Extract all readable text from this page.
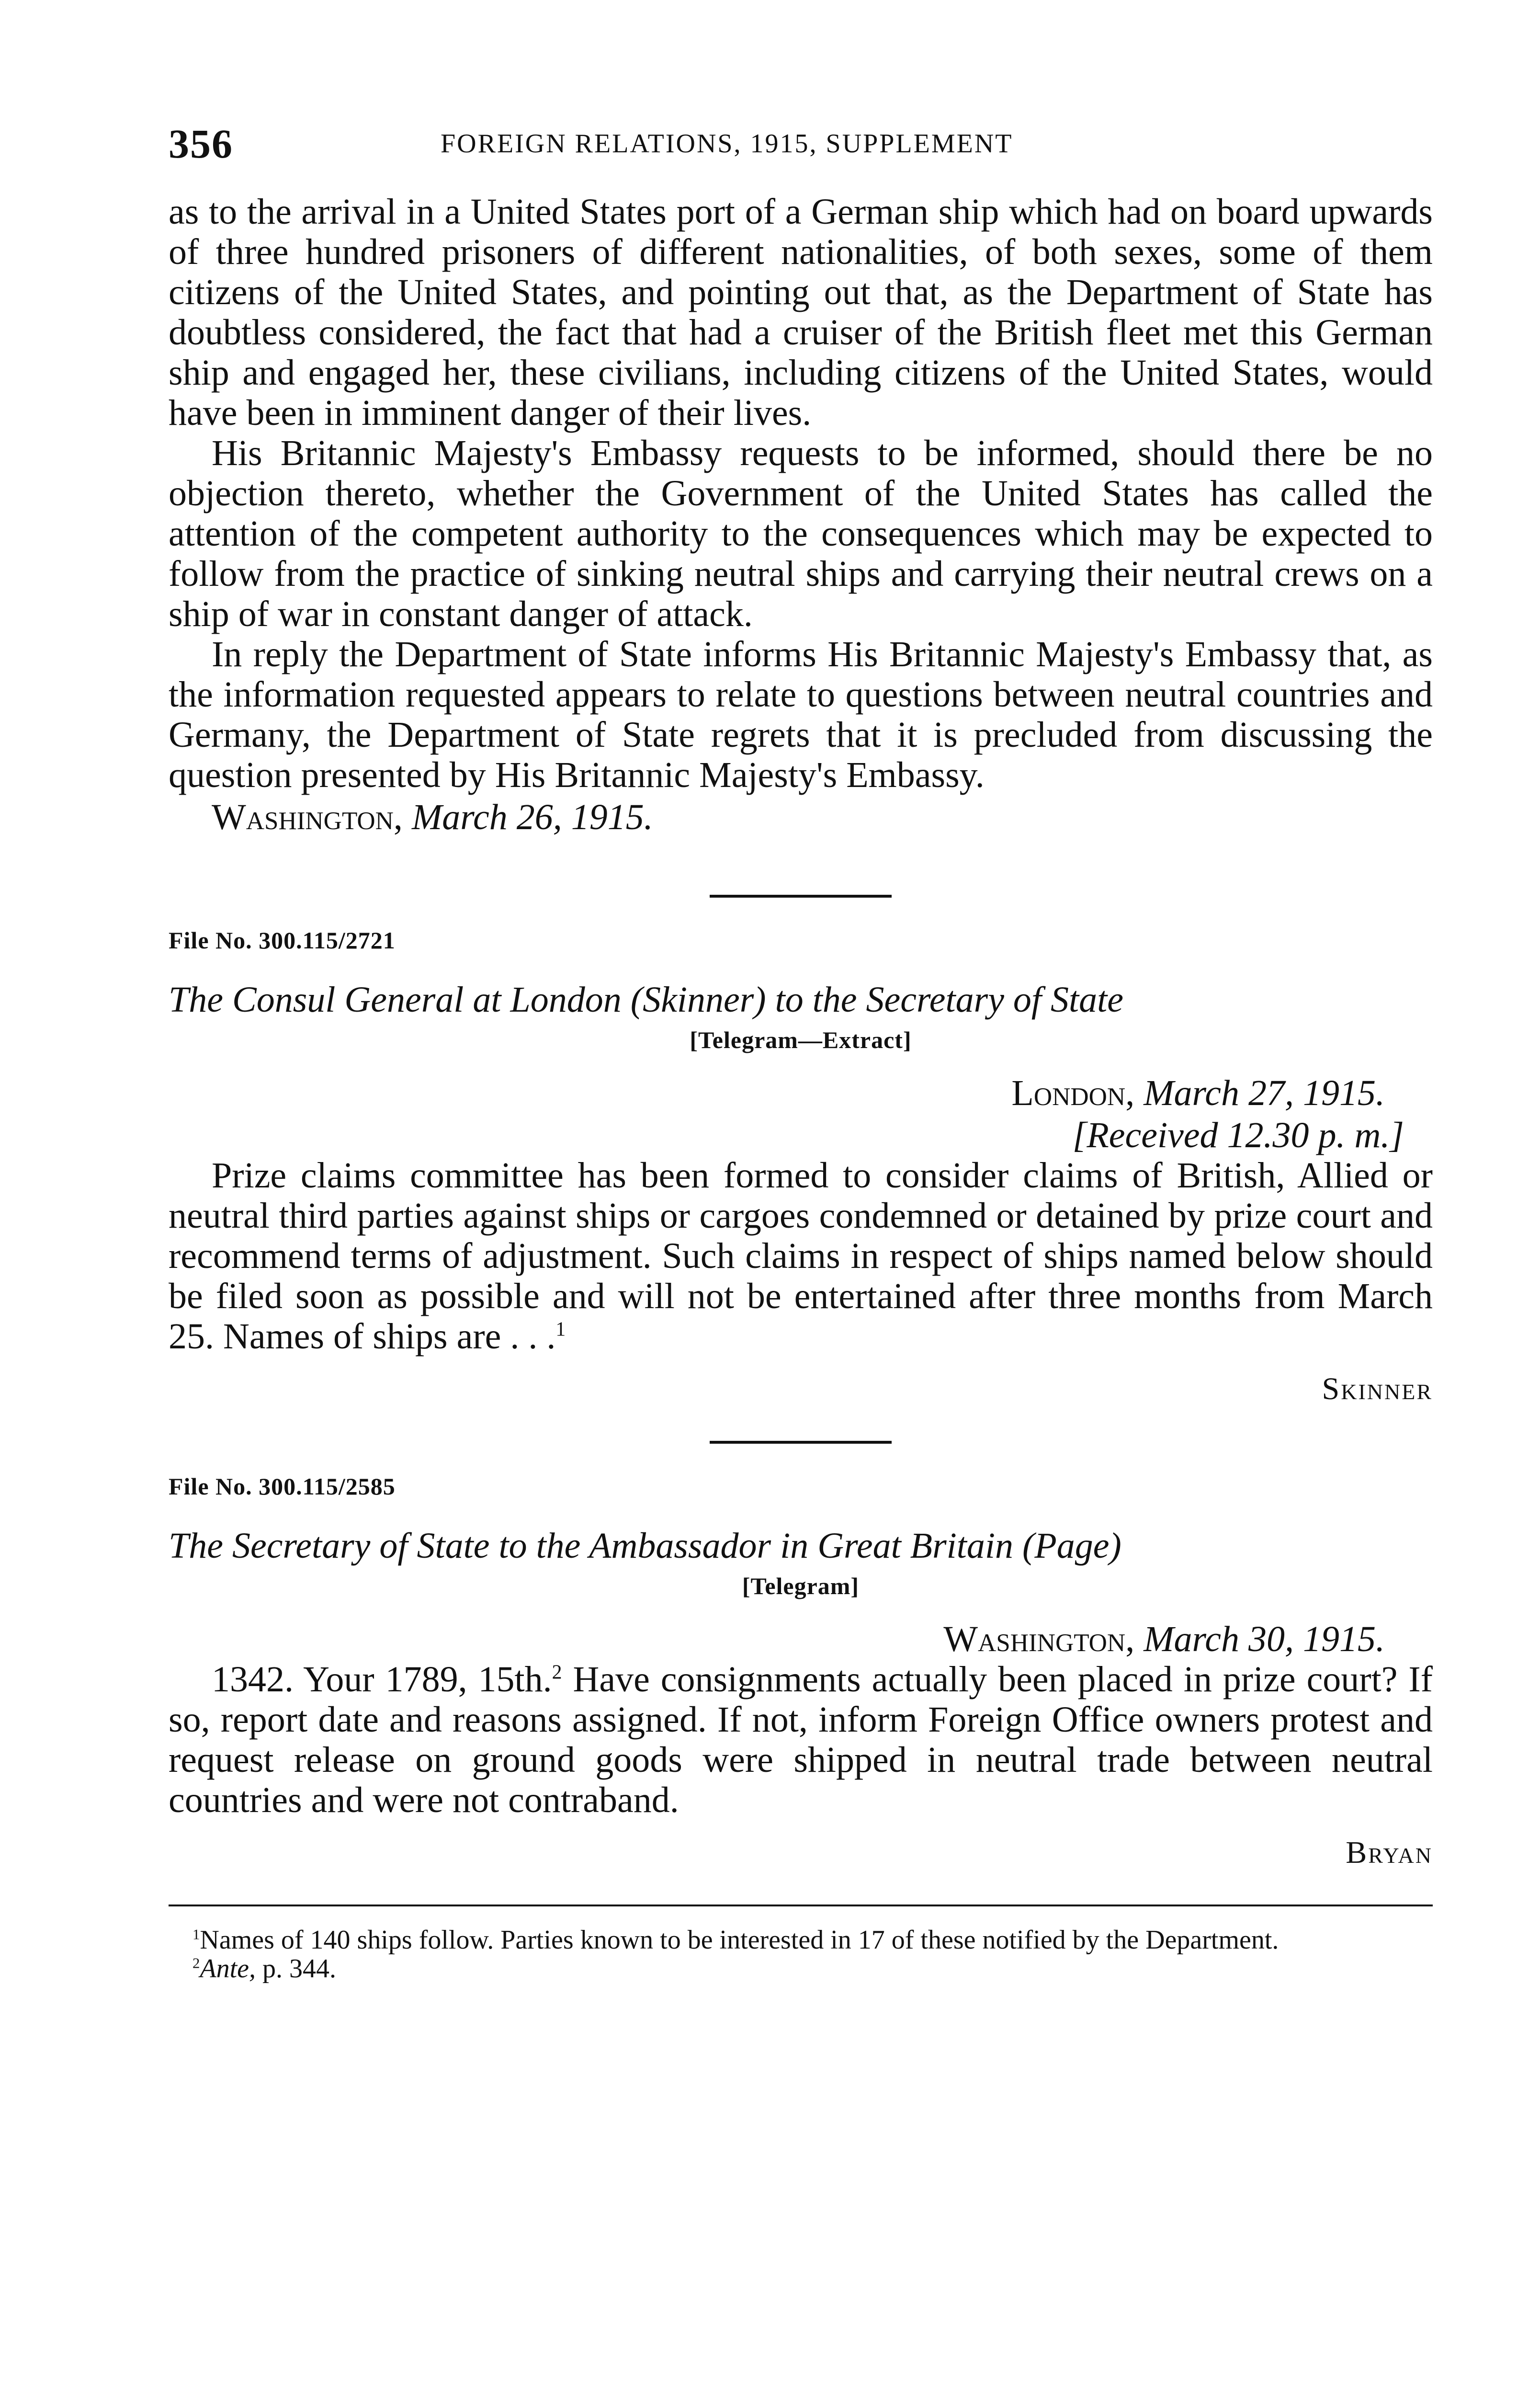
356	FOREIGN RELATIONS, 1915, SUPPLEMENT

as to the arrival in a United States port of a German ship which had on board upwards of three hundred prisoners of different nationalities, of both sexes, some of them citizens of the United States, and pointing out that, as the Department of State has doubtless considered, the fact that had a cruiser of the British fleet met this German ship and engaged her, these civilians, including citizens of the United States, would have been in imminent danger of their lives.

His Britannic Majesty's Embassy requests to be informed, should there be no objection thereto, whether the Government of the United States has called the attention of the competent authority to the consequences which may be expected to follow from the practice of sinking neutral ships and carrying their neutral crews on a ship of war in constant danger of attack.

In reply the Department of State informs His Britannic Majesty's Embassy that, as the information requested appears to relate to questions between neutral countries and Germany, the Department of State regrets that it is precluded from discussing the question presented by His Britannic Majesty's Embassy.

Washington, March 26, 1915.

File No. 300.115/2721

The Consul General at London (Skinner) to the Secretary of State

[Telegram—Extract]

London, March 27, 1915.

[Received 12.30 p. m.]

Prize claims committee has been formed to consider claims of British, Allied or neutral third parties against ships or cargoes condemned or detained by prize court and recommend terms of adjustment. Such claims in respect of ships named below should be filed soon as possible and will not be entertained after three months from March 25. Names of ships are . . .$^1$

Skinner

File No. 300.115/2585

The Secretary of State to the Ambassador in Great Britain (Page)

[Telegram]

Washington, March 30, 1915.

1342. Your 1789, 15th.$^2$ Have consignments actually been placed in prize court? If so, report date and reasons assigned. If not, inform Foreign Office owners protest and request release on ground goods were shipped in neutral trade between neutral countries and were not contraband.

Bryan

$^1$Names of 140 ships follow. Parties known to be interested in 17 of these notified by the Department.

$^2$Ante, p. 344.
